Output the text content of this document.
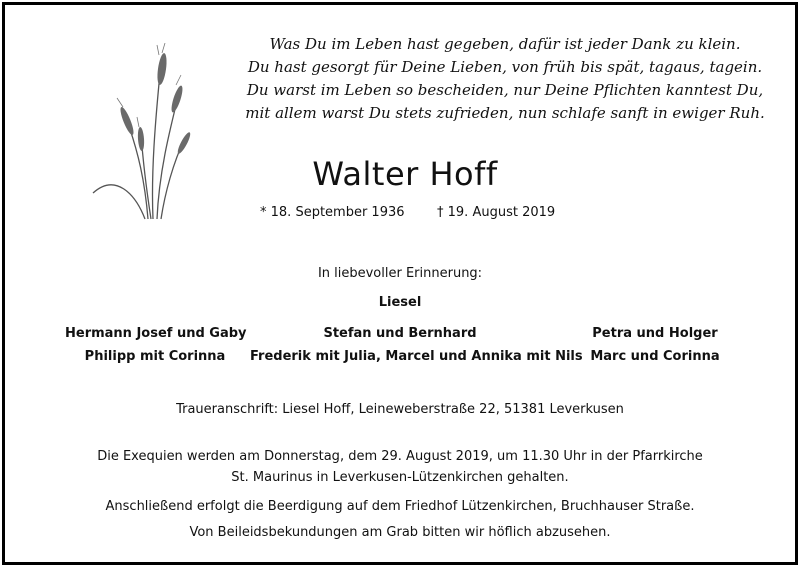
Was Du im Leben hast gegeben, dafür ist jeder Dank zu klein.
Du hast gesorgt für Deine Lieben, von früh bis spät, tagaus, tagein.
Du warst im Leben so bescheiden, nur Deine Pflichten kanntest Du,
mit allem warst Du stets zufrieden, nun schlafe sanft in ewiger Ruh.
Walter Hoff
* 18. September 1936 † 19. August 2019
In liebevoller Erinnerung:
Liesel
Hermann Josef und Gaby
Philipp mit Corinna
Stefan und Bernhard
Frederik mit Julia, Marcel und Annika mit Nils
Petra und Holger
Marc und Corinna
Traueranschrift: Liesel Hoff, Leineweberstraße 22, 51381 Leverkusen
Die Exequien werden am Donnerstag, dem 29. August 2019, um 11.30 Uhr in der Pfarrkirche
St. Maurinus in Leverkusen-Lützenkirchen gehalten.
Anschließend erfolgt die Beerdigung auf dem Friedhof Lützenkirchen, Bruchhauser Straße.
Von Beileidsbekundungen am Grab bitten wir höflich abzusehen.
